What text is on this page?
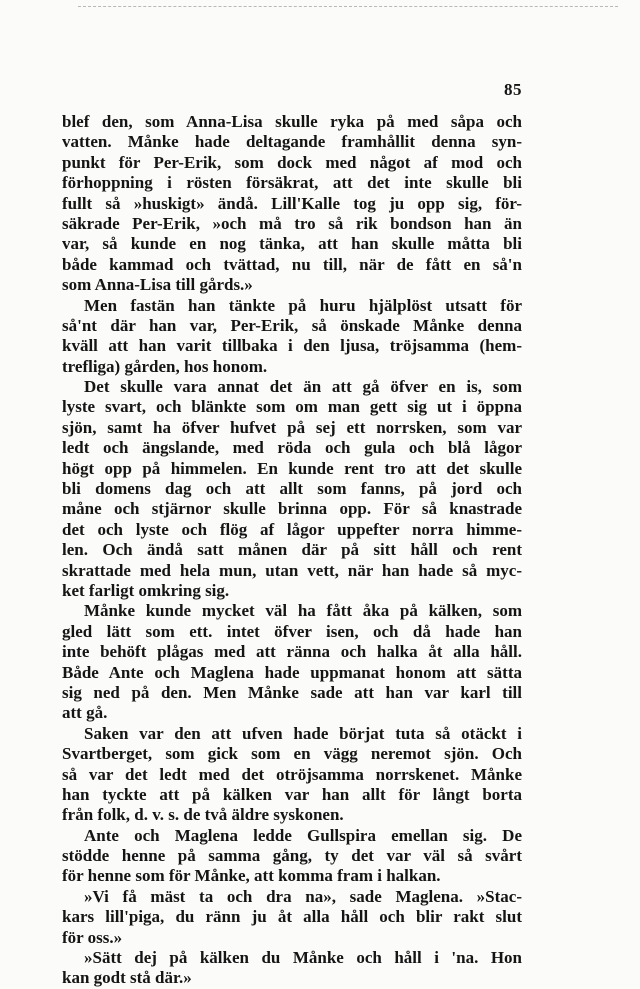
85
blef den, som Anna-Lisa skulle ryka på med såpa och
vatten. Månke hade deltagande framhållit denna syn-
punkt för Per-Erik, som dock med något af mod och
förhoppning i rösten försäkrat, att det inte skulle bli
fullt så »huskigt» ändå. Lill'Kalle tog ju opp sig, för-
säkrade Per-Erik, »och må tro så rik bondson han än
var, så kunde en nog tänka, att han skulle måtta bli
både kammad och tvättad, nu till, när de fått en så'n
som Anna-Lisa till gårds.»
Men fastän han tänkte på huru hjälplöst utsatt för
så'nt där han var, Per-Erik, så önskade Månke denna
kväll att han varit tillbaka i den ljusa, tröjsamma (hem-
trefliga) gården, hos honom.
Det skulle vara annat det än att gå öfver en is, som
lyste svart, och blänkte som om man gett sig ut i öppna
sjön, samt ha öfver hufvet på sej ett norrsken, som var
ledt och ängslande, med röda och gula och blå lågor
högt opp på himmelen. En kunde rent tro att det skulle
bli domens dag och att allt som fanns, på jord och
måne och stjärnor skulle brinna opp. För så knastrade
det och lyste och flög af lågor uppefter norra himme-
len. Och ändå satt månen där på sitt håll och rent
skrattade med hela mun, utan vett, när han hade så myc-
ket farligt omkring sig.
Månke kunde mycket väl ha fått åka på kälken, som
gled lätt som ett. intet öfver isen, och då hade han
inte behöft plågas med att ränna och halka åt alla håll.
Både Ante och Maglena hade uppmanat honom att sätta
sig ned på den. Men Månke sade att han var karl till
att gå.
Saken var den att ufven hade börjat tuta så otäckt i
Svartberget, som gick som en vägg neremot sjön. Och
så var det ledt med det otröjsamma norrskenet. Månke
han tyckte att på kälken var han allt för långt borta
från folk, d. v. s. de två äldre syskonen.
Ante och Maglena ledde Gullspira emellan sig. De
stödde henne på samma gång, ty det var väl så svårt
för henne som för Månke, att komma fram i halkan.
»Vi få mäst ta och dra na», sade Maglena. »Stac-
kars lill'piga, du ränn ju åt alla håll och blir rakt slut
för oss.»
»Sätt dej på kälken du Månke och håll i 'na. Hon
kan godt stå där.»
